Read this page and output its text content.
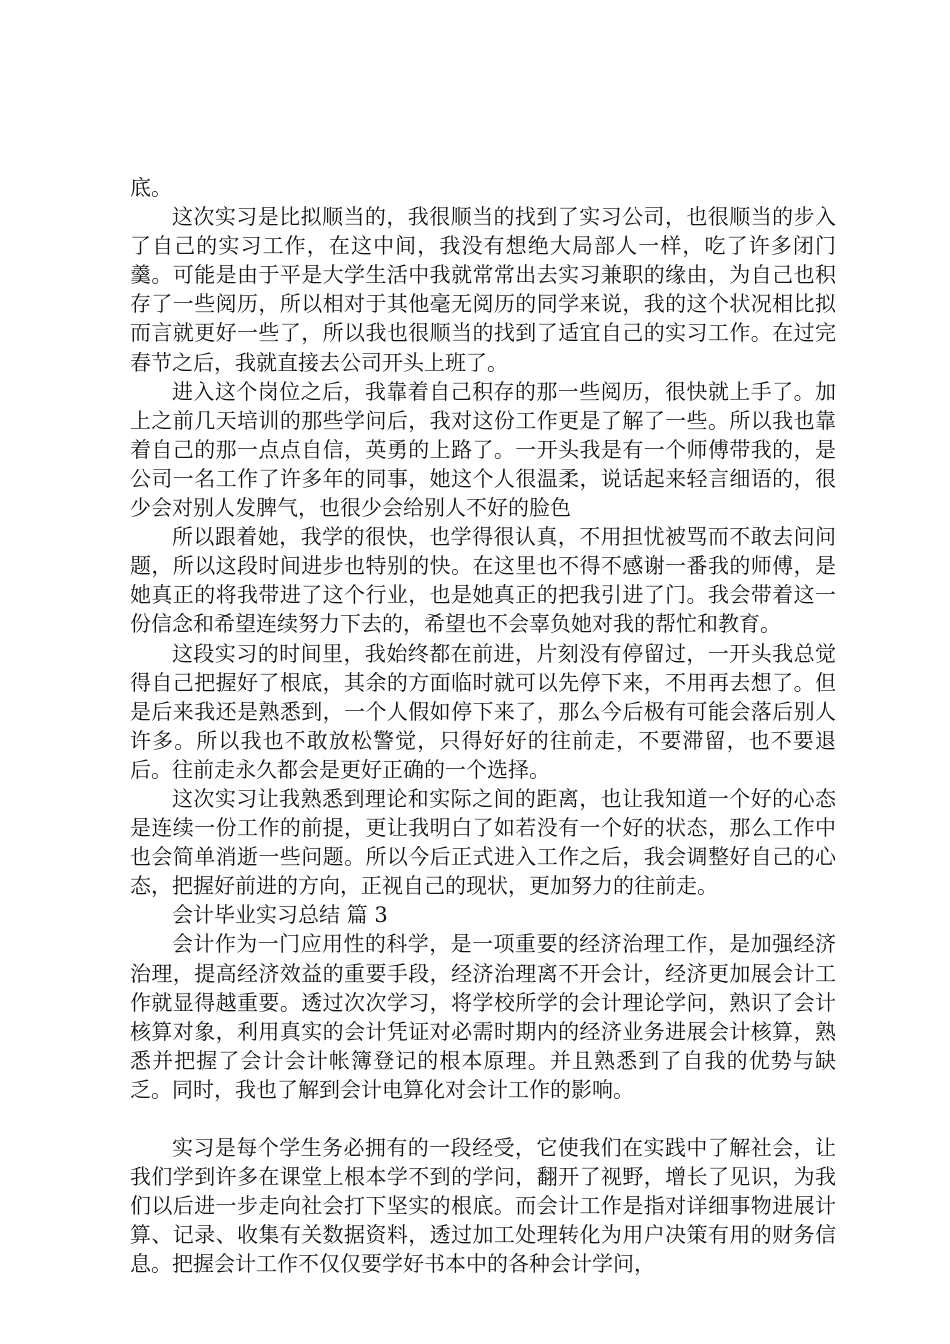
底。

这次实习是比拟顺当的，我很顺当的找到了实习公司，也很顺当的步入了自己的实习工作，在这中间，我没有想绝大局部人一样，吃了许多闭门羹。可能是由于平是大学生活中我就常常出去实习兼职的缘由，为自己也积存了一些阅历，所以相对于其他毫无阅历的同学来说，我的这个状况相比拟而言就更好一些了，所以我也很顺当的找到了适宜自己的实习工作。在过完春节之后，我就直接去公司开头上班了。

进入这个岗位之后，我靠着自己积存的那一些阅历，很快就上手了。加上之前几天培训的那些学问后，我对这份工作更是了解了一些。所以我也靠着自己的那一点点自信，英勇的上路了。一开头我是有一个师傅带我的，是公司一名工作了许多年的同事，她这个人很温柔，说话起来轻言细语的，很少会对别人发脾气，也很少会给别人不好的脸色

所以跟着她，我学的很快，也学得很认真，不用担忧被骂而不敢去问问题，所以这段时间进步也特别的快。在这里也不得不感谢一番我的师傅，是她真正的将我带进了这个行业，也是她真正的把我引进了门。我会带着这一份信念和希望连续努力下去的，希望也不会辜负她对我的帮忙和教育。

这段实习的时间里，我始终都在前进，片刻没有停留过，一开头我总觉得自己把握好了根底，其余的方面临时就可以先停下来，不用再去想了。但是后来我还是熟悉到，一个人假如停下来了，那么今后极有可能会落后别人许多。所以我也不敢放松警觉，只得好好的往前走，不要滞留，也不要退后。往前走永久都会是更好正确的一个选择。

这次实习让我熟悉到理论和实际之间的距离，也让我知道一个好的心态是连续一份工作的前提，更让我明白了如若没有一个好的状态，那么工作中也会简单消逝一些问题。所以今后正式进入工作之后，我会调整好自己的心态，把握好前进的方向，正视自己的现状，更加努力的往前走。

会计毕业实习总结 篇 3

会计作为一门应用性的科学，是一项重要的经济治理工作，是加强经济治理，提高经济效益的重要手段，经济治理离不开会计，经济更加展会计工作就显得越重要。透过次次学习，将学校所学的会计理论学问，熟识了会计核算对象，利用真实的会计凭证对必需时期内的经济业务进展会计核算，熟悉并把握了会计会计帐簿登记的根本原理。并且熟悉到了自我的优势与缺乏。同时，我也了解到会计电算化对会计工作的影响。

实习是每个学生务必拥有的一段经受，它使我们在实践中了解社会，让我们学到许多在课堂上根本学不到的学问，翻开了视野，增长了见识，为我们以后进一步走向社会打下坚实的根底。而会计工作是指对详细事物进展计算、记录、收集有关数据资料，透过加工处理转化为用户决策有用的财务信息。把握会计工作不仅仅要学好书本中的各种会计学问，
